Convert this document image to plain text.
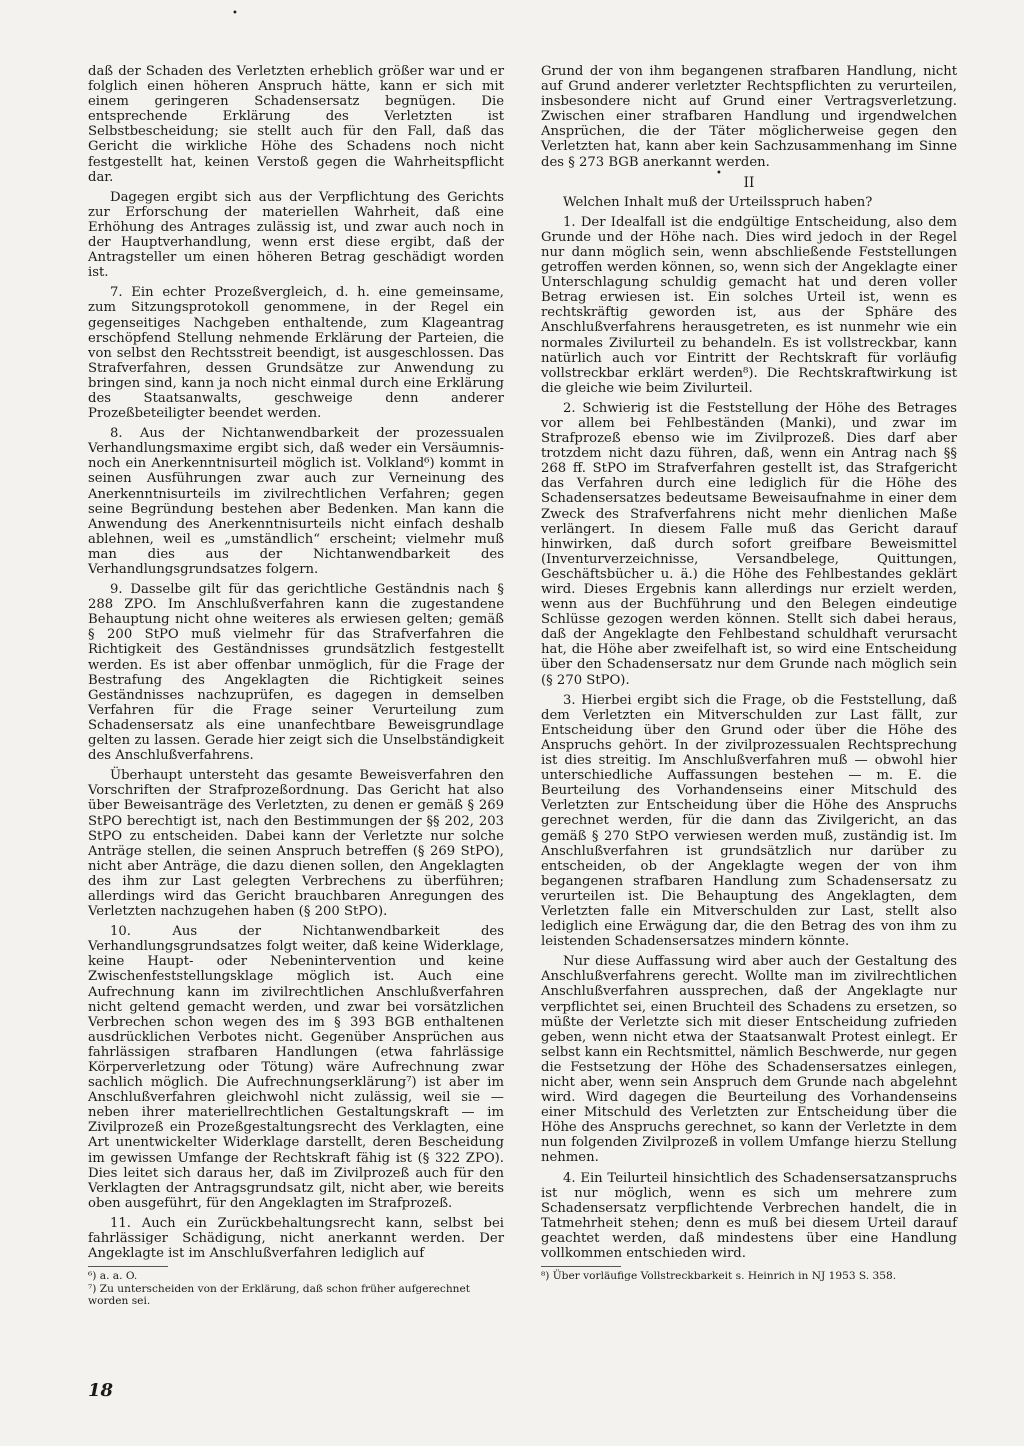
•
•

daß der Schaden des Verletzten erheblich größer war und er folglich einen höheren Anspruch hätte, kann er sich mit einem geringeren Schadensersatz begnügen. Die entsprechende Erklärung des Verletzten ist Selbstbescheidung; sie stellt auch für den Fall, daß das Gericht die wirkliche Höhe des Schadens noch nicht festgestellt hat, keinen Verstoß gegen die Wahrheitspflicht dar.

Dagegen ergibt sich aus der Verpflichtung des Gerichts zur Erforschung der materiellen Wahrheit, daß eine Erhöhung des Antrages zulässig ist, und zwar auch noch in der Hauptverhandlung, wenn erst diese ergibt, daß der Antragsteller um einen höheren Betrag geschädigt worden ist.

7. Ein echter Prozeßvergleich, d. h. eine gemeinsame, zum Sitzungsprotokoll genommene, in der Regel ein gegenseitiges Nachgeben enthaltende, zum Klageantrag erschöpfend Stellung nehmende Erklärung der Parteien, die von selbst den Rechtsstreit beendigt, ist ausgeschlossen. Das Strafverfahren, dessen Grundsätze zur Anwendung zu bringen sind, kann ja noch nicht einmal durch eine Erklärung des Staatsanwalts, geschweige denn anderer Prozeßbeteiligter beendet werden.

8. Aus der Nichtanwendbarkeit der prozessualen Verhandlungsmaxime ergibt sich, daß weder ein Versäumnis- noch ein Anerkenntnisurteil möglich ist. Volkland⁶) kommt in seinen Ausführungen zwar auch zur Verneinung des Anerkenntnisurteils im zivilrechtlichen Verfahren; gegen seine Begründung bestehen aber Bedenken. Man kann die Anwendung des Anerkenntnisurteils nicht einfach deshalb ablehnen, weil es „umständlich“ erscheint; vielmehr muß man dies aus der Nichtanwendbarkeit des Verhandlungsgrundsatzes folgern.

9. Dasselbe gilt für das gerichtliche Geständnis nach § 288 ZPO. Im Anschlußverfahren kann die zugestandene Behauptung nicht ohne weiteres als erwiesen gelten; gemäß § 200 StPO muß vielmehr für das Strafverfahren die Richtigkeit des Geständnisses grundsätzlich festgestellt werden. Es ist aber offenbar unmöglich, für die Frage der Bestrafung des Angeklagten die Richtigkeit seines Geständnisses nachzuprüfen, es dagegen in demselben Verfahren für die Frage seiner Verurteilung zum Schadensersatz als eine unanfechtbare Beweisgrundlage gelten zu lassen. Gerade hier zeigt sich die Unselbständigkeit des Anschlußverfahrens.

Überhaupt untersteht das gesamte Beweisverfahren den Vorschriften der Strafprozeßordnung. Das Gericht hat also über Beweisanträge des Verletzten, zu denen er gemäß § 269 StPO berechtigt ist, nach den Bestimmungen der §§ 202, 203 StPO zu entscheiden. Dabei kann der Verletzte nur solche Anträge stellen, die seinen Anspruch betreffen (§ 269 StPO), nicht aber Anträge, die dazu dienen sollen, den Angeklagten des ihm zur Last gelegten Verbrechens zu überführen; allerdings wird das Gericht brauchbaren Anregungen des Verletzten nachzugehen haben (§ 200 StPO).

10. Aus der Nichtanwendbarkeit des Verhandlungsgrundsatzes folgt weiter, daß keine Widerklage, keine Haupt- oder Nebenintervention und keine Zwischenfeststellungsklage möglich ist. Auch eine Aufrechnung kann im zivilrechtlichen Anschlußverfahren nicht geltend gemacht werden, und zwar bei vorsätzlichen Verbrechen schon wegen des im § 393 BGB enthaltenen ausdrücklichen Verbotes nicht. Gegenüber Ansprüchen aus fahrlässigen strafbaren Handlungen (etwa fahrlässige Körperverletzung oder Tötung) wäre Aufrechnung zwar sachlich möglich. Die Aufrechnungserklärung⁷) ist aber im Anschlußverfahren gleichwohl nicht zulässig, weil sie — neben ihrer materiellrechtlichen Gestaltungskraft — im Zivilprozeß ein Prozeßgestaltungsrecht des Verklagten, eine Art unentwickelter Widerklage darstellt, deren Bescheidung im gewissen Umfange der Rechtskraft fähig ist (§ 322 ZPO). Dies leitet sich daraus her, daß im Zivilprozeß auch für den Verklagten der Antragsgrundsatz gilt, nicht aber, wie bereits oben ausgeführt, für den Angeklagten im Strafprozeß.

11. Auch ein Zurückbehaltungsrecht kann, selbst bei fahrlässiger Schädigung, nicht anerkannt werden. Der Angeklagte ist im Anschlußverfahren lediglich auf

⁶) a. a. O.

⁷) Zu unterscheiden von der Erklärung, daß schon früher aufgerechnet worden sei.

Grund der von ihm begangenen strafbaren Handlung, nicht auf Grund anderer verletzter Rechtspflichten zu verurteilen, insbesondere nicht auf Grund einer Vertragsverletzung. Zwischen einer strafbaren Handlung und irgendwelchen Ansprüchen, die der Täter möglicherweise gegen den Verletzten hat, kann aber kein Sachzusammenhang im Sinne des § 273 BGB anerkannt werden.

II

Welchen Inhalt muß der Urteilsspruch haben?

1. Der Idealfall ist die endgültige Entscheidung, also dem Grunde und der Höhe nach. Dies wird jedoch in der Regel nur dann möglich sein, wenn abschließende Feststellungen getroffen werden können, so, wenn sich der Angeklagte einer Unterschlagung schuldig gemacht hat und deren voller Betrag erwiesen ist. Ein solches Urteil ist, wenn es rechtskräftig geworden ist, aus der Sphäre des Anschlußverfahrens herausgetreten, es ist nunmehr wie ein normales Zivilurteil zu behandeln. Es ist vollstreckbar, kann natürlich auch vor Eintritt der Rechtskraft für vorläufig vollstreckbar erklärt werden⁸). Die Rechtskraftwirkung ist die gleiche wie beim Zivilurteil.

2. Schwierig ist die Feststellung der Höhe des Betrages vor allem bei Fehlbeständen (Manki), und zwar im Strafprozeß ebenso wie im Zivilprozeß. Dies darf aber trotzdem nicht dazu führen, daß, wenn ein Antrag nach §§ 268 ff. StPO im Strafverfahren gestellt ist, das Strafgericht das Verfahren durch eine lediglich für die Höhe des Schadensersatzes bedeutsame Beweisaufnahme in einer dem Zweck des Strafverfahrens nicht mehr dienlichen Maße verlängert. In diesem Falle muß das Gericht darauf hinwirken, daß durch sofort greifbare Beweismittel (Inventurverzeichnisse, Versandbelege, Quittungen, Geschäftsbücher u. ä.) die Höhe des Fehlbestandes geklärt wird. Dieses Ergebnis kann allerdings nur erzielt werden, wenn aus der Buchführung und den Belegen eindeutige Schlüsse gezogen werden können. Stellt sich dabei heraus, daß der Angeklagte den Fehlbestand schuldhaft verursacht hat, die Höhe aber zweifelhaft ist, so wird eine Entscheidung über den Schadensersatz nur dem Grunde nach möglich sein (§ 270 StPO).

3. Hierbei ergibt sich die Frage, ob die Feststellung, daß dem Verletzten ein Mitverschulden zur Last fällt, zur Entscheidung über den Grund oder über die Höhe des Anspruchs gehört. In der zivilprozessualen Rechtsprechung ist dies streitig. Im Anschlußverfahren muß — obwohl hier unterschiedliche Auffassungen bestehen — m. E. die Beurteilung des Vorhandenseins einer Mitschuld des Verletzten zur Entscheidung über die Höhe des Anspruchs gerechnet werden, für die dann das Zivilgericht, an das gemäß § 270 StPO verwiesen werden muß, zuständig ist. Im Anschlußverfahren ist grundsätzlich nur darüber zu entscheiden, ob der Angeklagte wegen der von ihm begangenen strafbaren Handlung zum Schadensersatz zu verurteilen ist. Die Behauptung des Angeklagten, dem Verletzten falle ein Mitverschulden zur Last, stellt also lediglich eine Erwägung dar, die den Betrag des von ihm zu leistenden Schadensersatzes mindern könnte.

Nur diese Auffassung wird aber auch der Gestaltung des Anschlußverfahrens gerecht. Wollte man im zivilrechtlichen Anschlußverfahren aussprechen, daß der Angeklagte nur verpflichtet sei, einen Bruchteil des Schadens zu ersetzen, so müßte der Verletzte sich mit dieser Entscheidung zufrieden geben, wenn nicht etwa der Staatsanwalt Protest einlegt. Er selbst kann ein Rechtsmittel, nämlich Beschwerde, nur gegen die Festsetzung der Höhe des Schadensersatzes einlegen, nicht aber, wenn sein Anspruch dem Grunde nach abgelehnt wird. Wird dagegen die Beurteilung des Vorhandenseins einer Mitschuld des Verletzten zur Entscheidung über die Höhe des Anspruchs gerechnet, so kann der Verletzte in dem nun folgenden Zivilprozeß in vollem Umfange hierzu Stellung nehmen.

4. Ein Teilurteil hinsichtlich des Schadensersatzanspruchs ist nur möglich, wenn es sich um mehrere zum Schadensersatz verpflichtende Verbrechen handelt, die in Tatmehrheit stehen; denn es muß bei diesem Urteil darauf geachtet werden, daß mindestens über eine Handlung vollkommen entschieden wird.

⁸) Über vorläufige Vollstreckbarkeit s. Heinrich in NJ 1953 S. 358.

18
